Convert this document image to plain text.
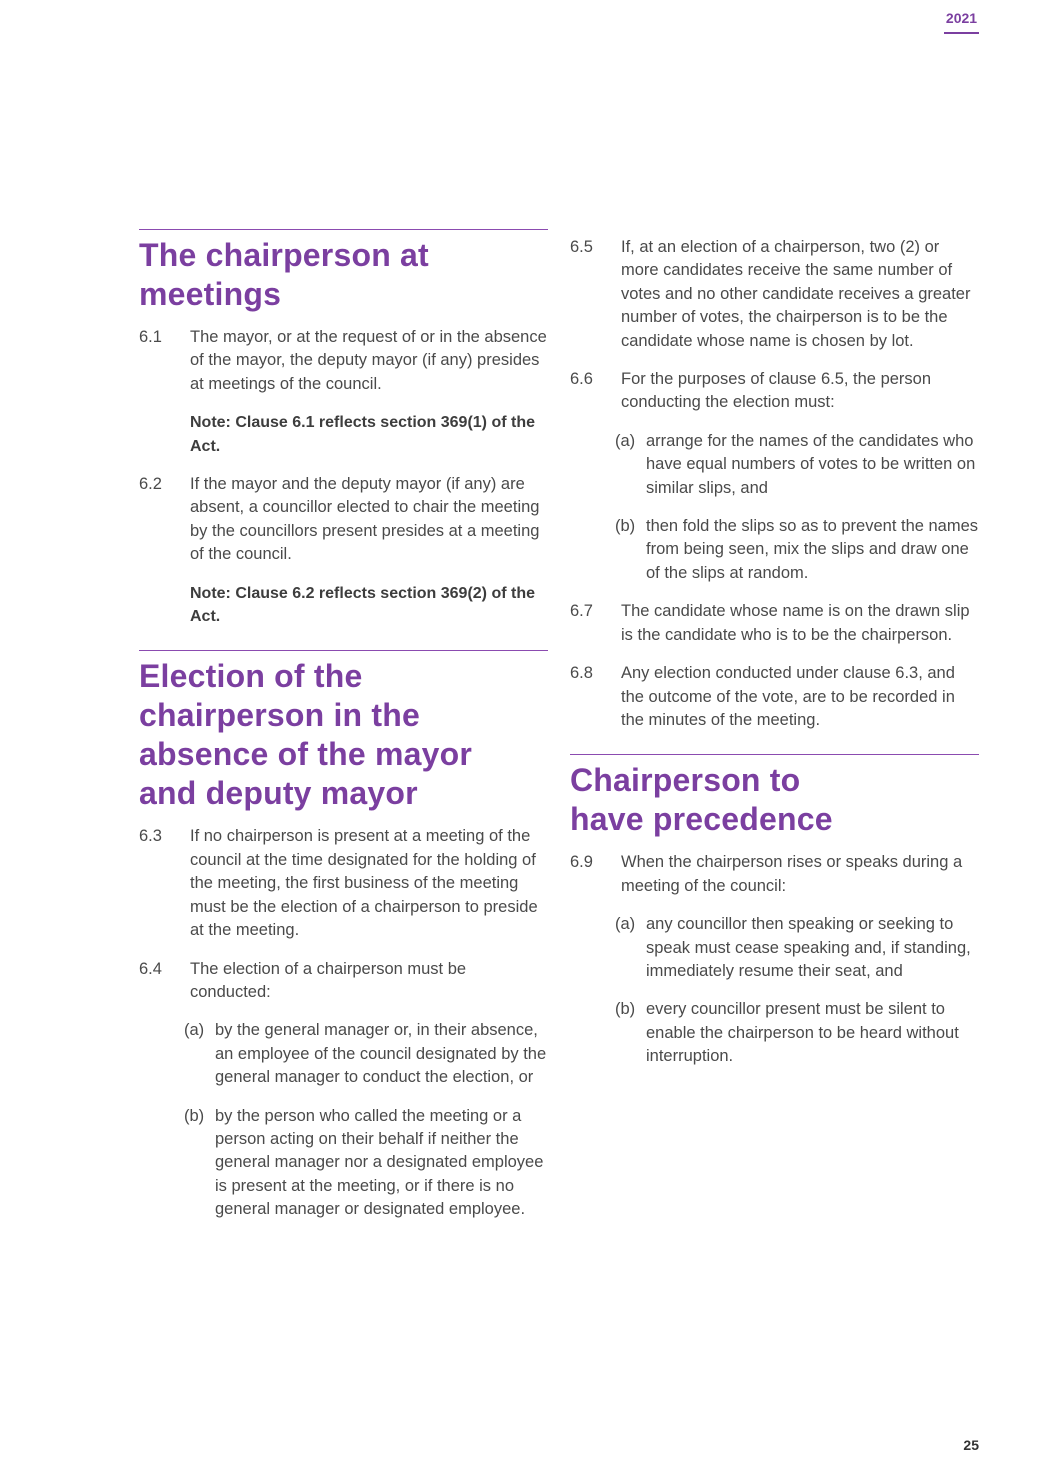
2021
The chairperson at meetings
6.1	The mayor, or at the request of or in the absence of the mayor, the deputy mayor (if any) presides at meetings of the council.
Note: Clause 6.1 reflects section 369(1) of the Act.
6.2	If the mayor and the deputy mayor (if any) are absent, a councillor elected to chair the meeting by the councillors present presides at a meeting of the council.
Note: Clause 6.2 reflects section 369(2) of the Act.
Election of the chairperson in the absence of the mayor and deputy mayor
6.3	If no chairperson is present at a meeting of the council at the time designated for the holding of the meeting, the first business of the meeting must be the election of a chairperson to preside at the meeting.
6.4	The election of a chairperson must be conducted:
(a) by the general manager or, in their absence, an employee of the council designated by the general manager to conduct the election, or
(b) by the person who called the meeting or a person acting on their behalf if neither the general manager nor a designated employee is present at the meeting, or if there is no general manager or designated employee.
6.5	If, at an election of a chairperson, two (2) or more candidates receive the same number of votes and no other candidate receives a greater number of votes, the chairperson is to be the candidate whose name is chosen by lot.
6.6	For the purposes of clause 6.5, the person conducting the election must:
(a) arrange for the names of the candidates who have equal numbers of votes to be written on similar slips, and
(b) then fold the slips so as to prevent the names from being seen, mix the slips and draw one of the slips at random.
6.7	The candidate whose name is on the drawn slip is the candidate who is to be the chairperson.
6.8	Any election conducted under clause 6.3, and the outcome of the vote, are to be recorded in the minutes of the meeting.
Chairperson to have precedence
6.9	When the chairperson rises or speaks during a meeting of the council:
(a) any councillor then speaking or seeking to speak must cease speaking and, if standing, immediately resume their seat, and
(b) every councillor present must be silent to enable the chairperson to be heard without interruption.
25
